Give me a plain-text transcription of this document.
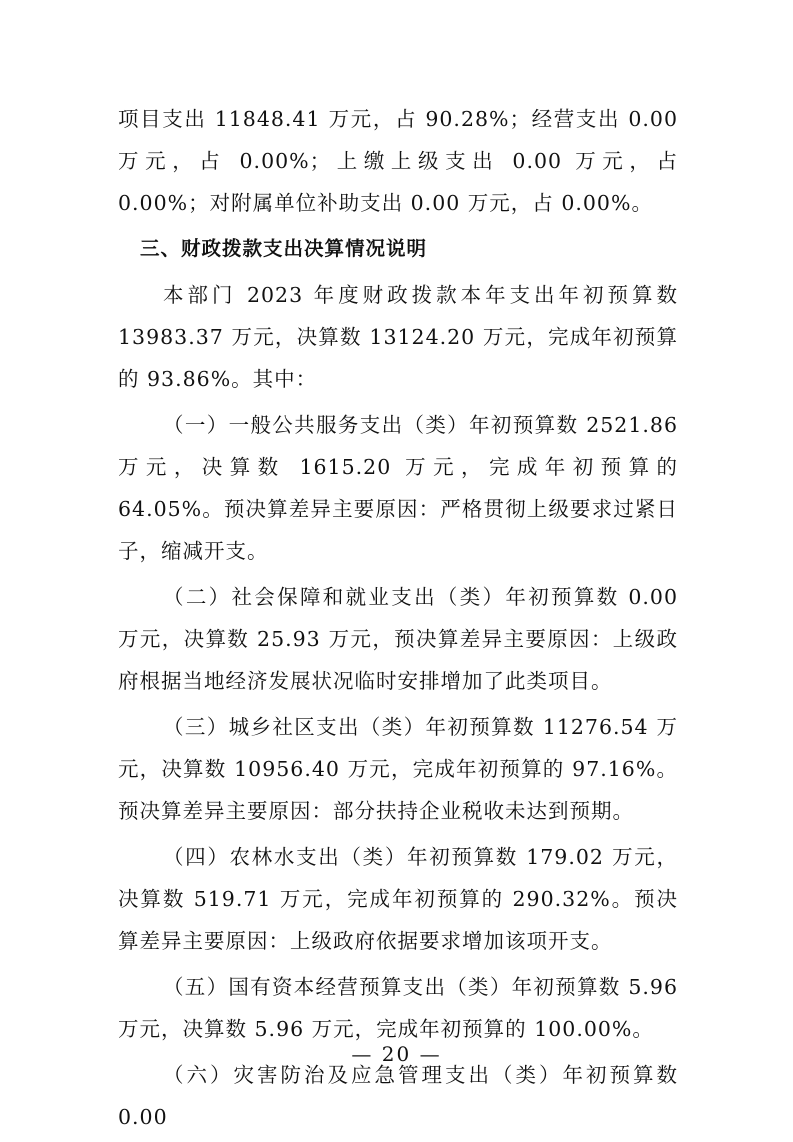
项目支出 11848.41 万元，占 90.28%；经营支出 0.00 万元，占 0.00%；上缴上级支出 0.00 万元，占 0.00%；对附属单位补助支出 0.00 万元，占 0.00%。

三、财政拨款支出决算情况说明

本部门 2023 年度财政拨款本年支出年初预算数 13983.37 万元，决算数 13124.20 万元，完成年初预算的 93.86%。其中：

（一）一般公共服务支出（类）年初预算数 2521.86 万元，决算数 1615.20 万元，完成年初预算的 64.05%。预决算差异主要原因：严格贯彻上级要求过紧日子，缩减开支。

（二）社会保障和就业支出（类）年初预算数 0.00 万元，决算数 25.93 万元，预决算差异主要原因：上级政府根据当地经济发展状况临时安排增加了此类项目。

（三）城乡社区支出（类）年初预算数 11276.54 万元，决算数 10956.40 万元，完成年初预算的 97.16%。预决算差异主要原因：部分扶持企业税收未达到预期。

（四）农林水支出（类）年初预算数 179.02 万元，决算数 519.71 万元，完成年初预算的 290.32%。预决算差异主要原因：上级政府依据要求增加该项开支。

（五）国有资本经营预算支出（类）年初预算数 5.96 万元，决算数 5.96 万元，完成年初预算的 100.00%。

（六）灾害防治及应急管理支出（类）年初预算数 0.00

— 20 —
